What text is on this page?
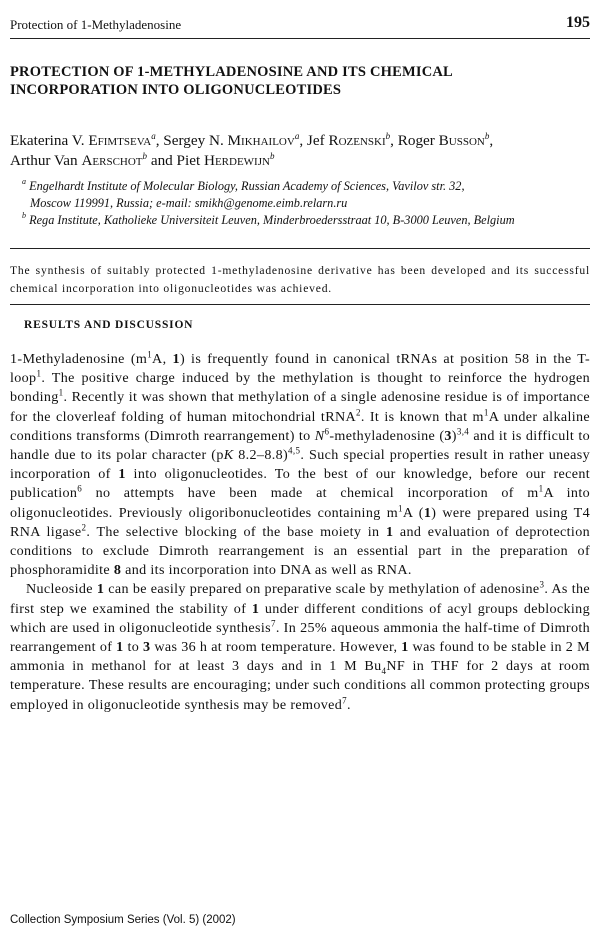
Protection of 1-Methyladenosine	195
PROTECTION OF 1-METHYLADENOSINE AND ITS CHEMICAL
INCORPORATION INTO OLIGONUCLEOTIDES
Ekaterina V. Efimtseva$^a$, Sergey N. Mikhailov$^a$, Jef Rozenski$^b$, Roger Busson$^b$,
Arthur Van Aerschot$^b$ and Piet Herdewijn$^b$
$^a$ Engelhardt Institute of Molecular Biology, Russian Academy of Sciences, Vavilov str. 32,
Moscow 119991, Russia; e-mail: smikh@genome.eimb.relarn.ru
$^b$ Rega Institute, Katholieke Universiteit Leuven, Minderbroedersstraat 10, B-3000 Leuven, Belgium
The synthesis of suitably protected 1-methyladenosine derivative has been developed and its successful chemical incorporation into oligonucleotides was achieved.
RESULTS AND DISCUSSION

1-Methyladenosine ($m^1A$, 1) is frequently found in canonical tRNAs at position 58 in the T-loop$^1$. The positive charge induced by the methylation is thought to reinforce the hydrogen bonding$^1$. Recently it was shown that methylation of a single adenosine residue is of importance for the cloverleaf folding of human mitochondrial tRNA$^2$. It is known that $m^1A$ under alkaline conditions transforms (Dimroth rearrangement) to $N^6$-methyladenosine $(3)^{3,4}$ and it is difficult to handle due to its polar character (pK 8.2–8.8)$^{4,5}$. Such special properties result in rather uneasy incorporation of 1 into oligonucleotides. To the best of our knowledge, before our recent publication$^6$ no attempts have been made at chemical incorporation of $m^1A$ into oligonucleotides. Previously oligoribonucleotides containing $m^1A$ (1) were prepared using T4 RNA ligase$^2$. The selective blocking of the base moiety in 1 and evaluation of deprotection conditions to exclude Dimroth rearrangement is an essential part in the preparation of phosphoramidite 8 and its incorporation into DNA as well as RNA.

Nucleoside 1 can be easily prepared on preparative scale by methylation of adenosine$^3$. As the first step we examined the stability of 1 under different conditions of acyl groups deblocking which are used in oligonucleotide synthesis$^7$. In 25% aqueous ammonia the half-time of Dimroth rearrangement of 1 to 3 was 36 h at room temperature. However, 1 was found to be stable in 2 M ammonia in methanol for at least 3 days and in 1 M $Bu_4NF$ in THF for 2 days at room temperature. These results are encouraging; under such conditions all common protecting groups employed in oligonucleotide synthesis may be removed$^7$.

Collection Symposium Series (Vol. 5) (2002)
